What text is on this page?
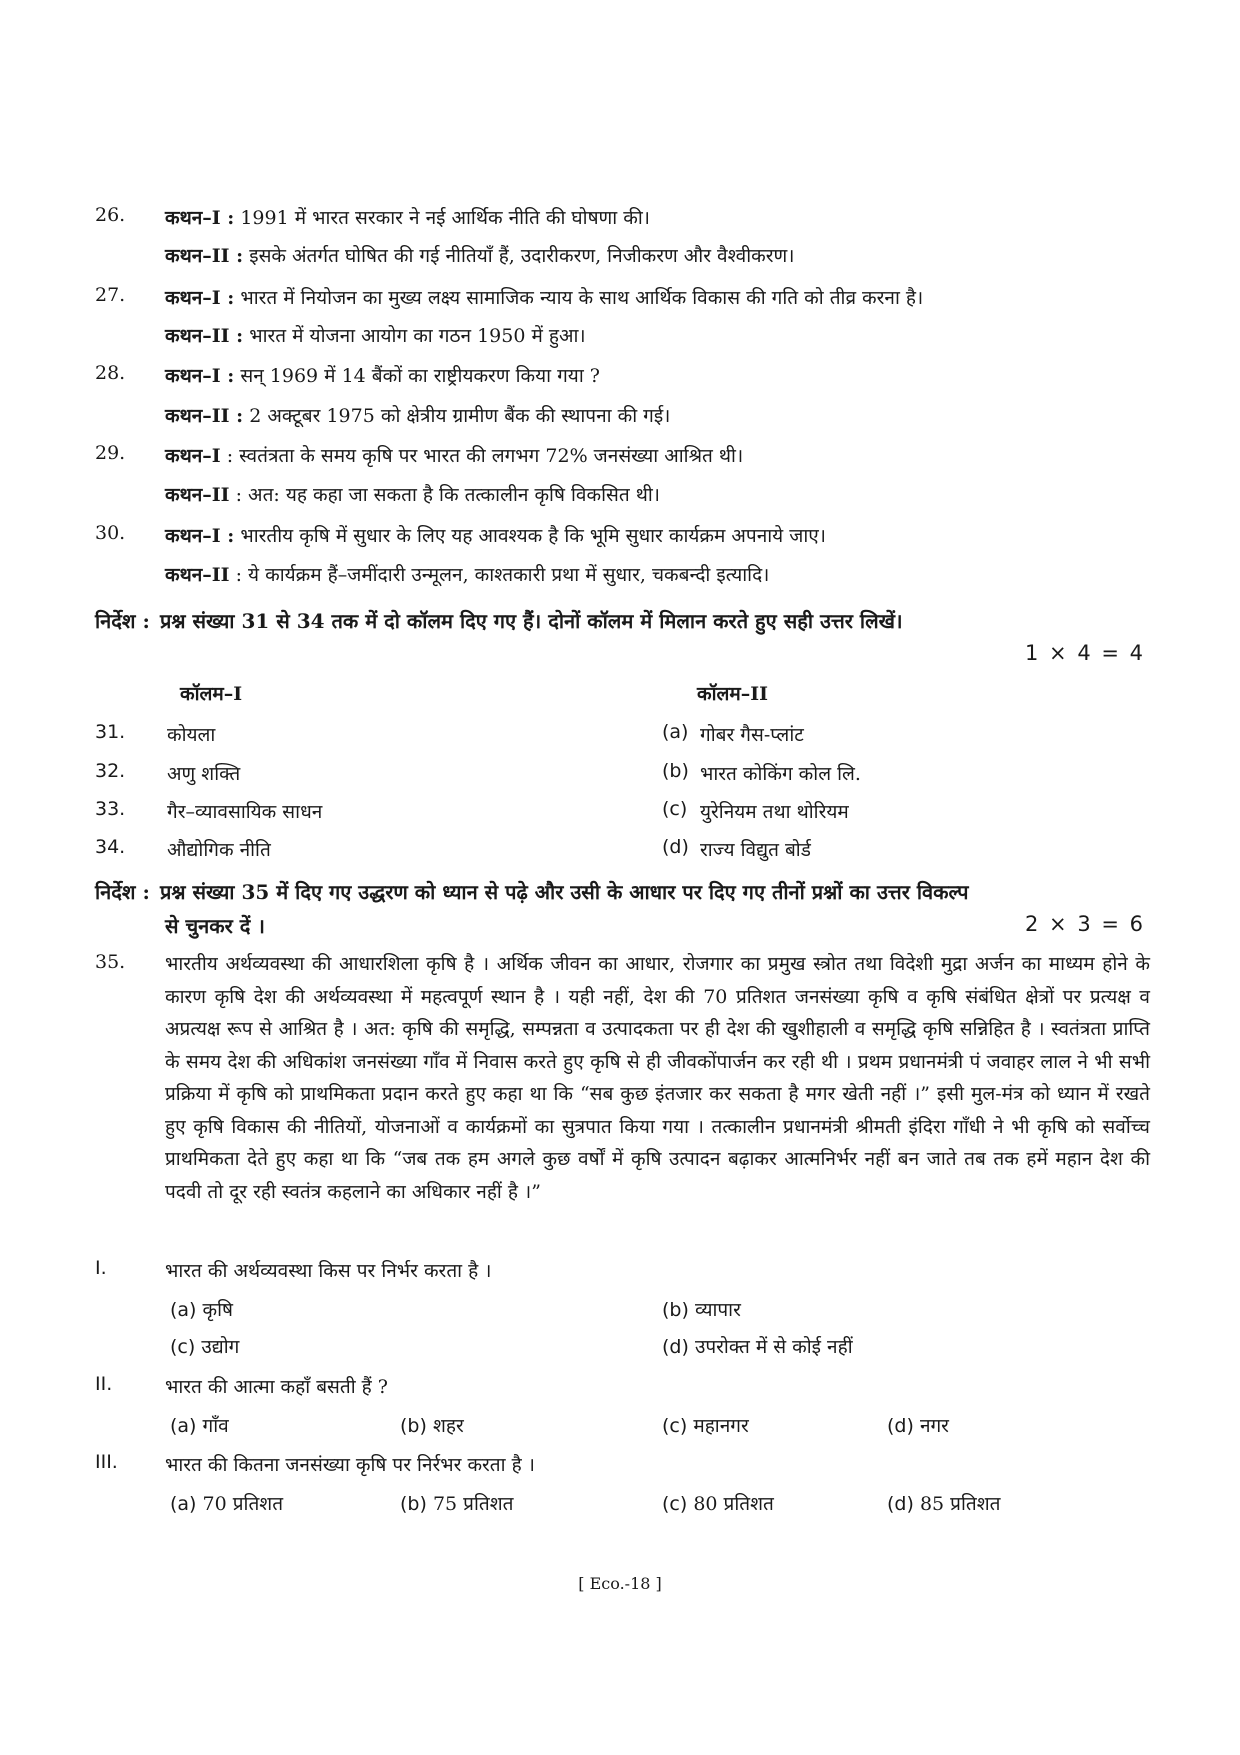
26. कथन–I : 1991 में भारत सरकार ने नई आर्थिक नीति की घोषणा की।
कथन–II : इसके अंतर्गत घोषित की गई नीतियाँ हैं, उदारीकरण, निजीकरण और वैश्वीकरण।
27. कथन–I : भारत में नियोजन का मुख्य लक्ष्य सामाजिक न्याय के साथ आर्थिक विकास की गति को तीव्र करना है।
कथन–II : भारत में योजना आयोग का गठन 1950 में हुआ।
28. कथन–I : सन् 1969 में 14 बैंकों का राष्ट्रीयकरण किया गया ?
कथन–II : 2 अक्टूबर 1975 को क्षेत्रीय ग्रामीण बैंक की स्थापना की गई।
29. कथन–I : स्वतंत्रता के समय कृषि पर भारत की लगभग 72% जनसंख्या आश्रित थी।
कथन–II : अत: यह कहा जा सकता है कि तत्कालीन कृषि विकसित थी।
30. कथन–I : भारतीय कृषि में सुधार के लिए यह आवश्यक है कि भूमि सुधार कार्यक्रम अपनाये जाए।
कथन–II : ये कार्यक्रम हैं–जमींदारी उन्मूलन, काश्तकारी प्रथा में सुधार, चकबन्दी इत्यादि।
निर्देश : प्रश्न संख्या 31 से 34 तक में दो कॉलम दिए गए हैं। दोनों कॉलम में मिलान करते हुए सही उत्तर लिखें।
1 × 4 = 4
कॉलम–I	कॉलम–II
31. कोयला	(a) गोबर गैस-प्लांट
32. अणु शक्ति	(b) भारत कोकिंग कोल लि.
33. गैर–व्यावसायिक साधन	(c) युरेनियम तथा थोरियम
34. औद्योगिक नीति	(d) राज्य विद्युत बोर्ड
निर्देश : प्रश्न संख्या 35 में दिए गए उद्धरण को ध्यान से पढ़े और उसी के आधार पर दिए गए तीनों प्रश्नों का उत्तर विकल्प
से चुनकर दें ।	2 × 3 = 6
35. भारतीय अर्थव्यवस्था की आधारशिला कृषि है । अर्थिक जीवन का आधार, रोजगार का प्रमुख स्त्रोत तथा विदेशी मुद्रा अर्जन का माध्यम होने के कारण कृषि देश की अर्थव्यवस्था में महत्वपूर्ण स्थान है । यही नहीं, देश की 70 प्रतिशत जनसंख्या कृषि व कृषि संबंधित क्षेत्रों पर प्रत्यक्ष व अप्रत्यक्ष रूप से आश्रित है । अत: कृषि की समृद्धि, सम्पन्नता व उत्पादकता पर ही देश की खुशीहाली व समृद्धि कृषि सन्निहित है । स्वतंत्रता प्राप्ति के समय देश की अधिकांश जनसंख्या गाँव में निवास करते हुए कृषि से ही जीवकोंपार्जन कर रही थी । प्रथम प्रधानमंत्री पं जवाहर लाल ने भी सभी प्रक्रिया में कृषि को प्राथमिकता प्रदान करते हुए कहा था कि “सब कुछ इंतजार कर सकता है मगर खेती नहीं ।” इसी मुल-मंत्र को ध्यान में रखते हुए कृषि विकास की नीतियों, योजनाओं व कार्यक्रमों का सुत्रपात किया गया । तत्कालीन प्रधानमंत्री श्रीमती इंदिरा गाँधी ने भी कृषि को सर्वोच्च प्राथमिकता देते हुए कहा था कि “जब तक हम अगले कुछ वर्षों में कृषि उत्पादन बढ़ाकर आत्मनिर्भर नहीं बन जाते तब तक हमें महान देश की पदवी तो दूर रही स्वतंत्र कहलाने का अधिकार नहीं है ।”
I.	भारत की अर्थव्यवस्था किस पर निर्भर करता है ।
(a) कृषि	(b) व्यापार
(c) उद्योग	(d) उपरोक्त में से कोई नहीं
II.	भारत की आत्मा कहाँ बसती हैं ?
(a) गाँव	(b) शहर	(c) महानगर	(d) नगर
III. भारत की कितना जनसंख्या कृषि पर निर्रभर करता है ।
(a) 70 प्रतिशत	(b) 75 प्रतिशत	(c) 80 प्रतिशत	(d) 85 प्रतिशत
[ Eco.-18 ]
